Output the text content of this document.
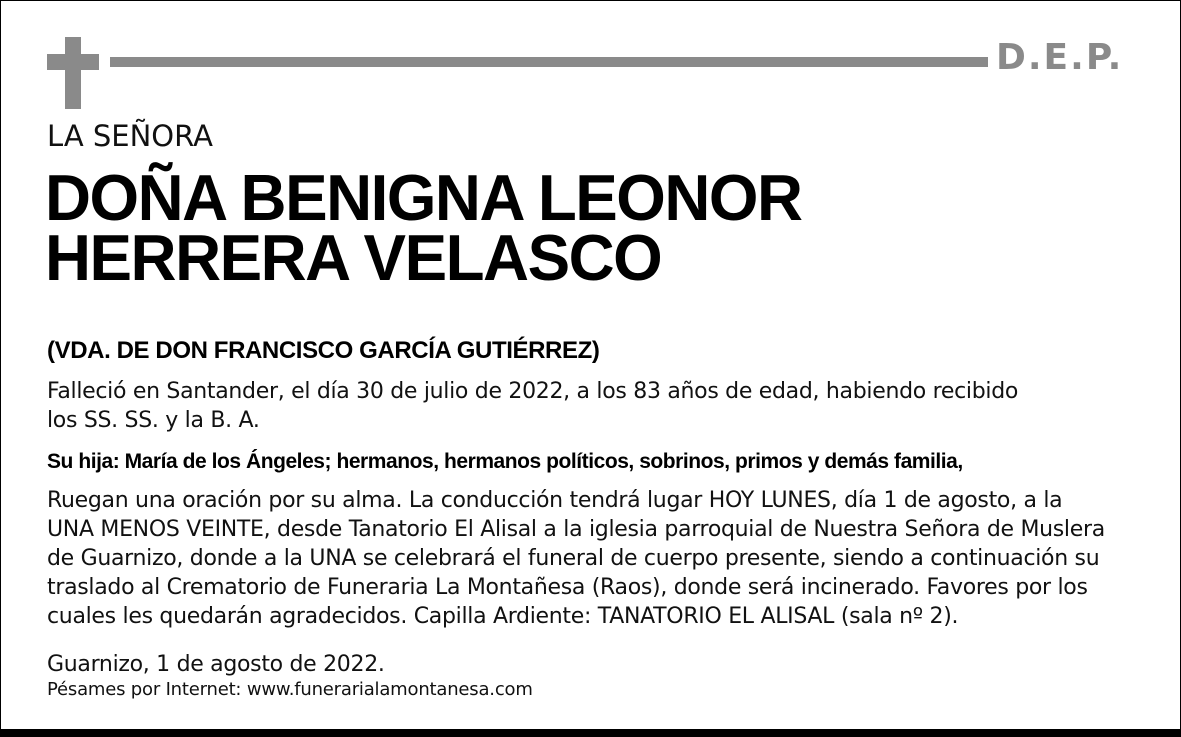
D.E.P.
LA SEÑORA
DOÑA BENIGNA LEONOR
HERRERA VELASCO
(VDA. DE DON FRANCISCO GARCÍA GUTIÉRREZ)
Falleció en Santander, el día 30 de julio de 2022, a los 83 años de edad, habiendo recibido
los SS. SS. y la B. A.
Su hija: María de los Ángeles; hermanos, hermanos políticos, sobrinos, primos y demás familia,
Ruegan una oración por su alma. La conducción tendrá lugar HOY LUNES, día 1 de agosto, a la
UNA MENOS VEINTE, desde Tanatorio El Alisal a la iglesia parroquial de Nuestra Señora de Muslera
de Guarnizo, donde a la UNA se celebrará el funeral de cuerpo presente, siendo a continuación su
traslado al Crematorio de Funeraria La Montañesa (Raos), donde será incinerado. Favores por los
cuales les quedarán agradecidos. Capilla Ardiente: TANATORIO EL ALISAL (sala nº 2).
Guarnizo, 1 de agosto de 2022.
Pésames por Internet: www.funerarialamontanesa.com
